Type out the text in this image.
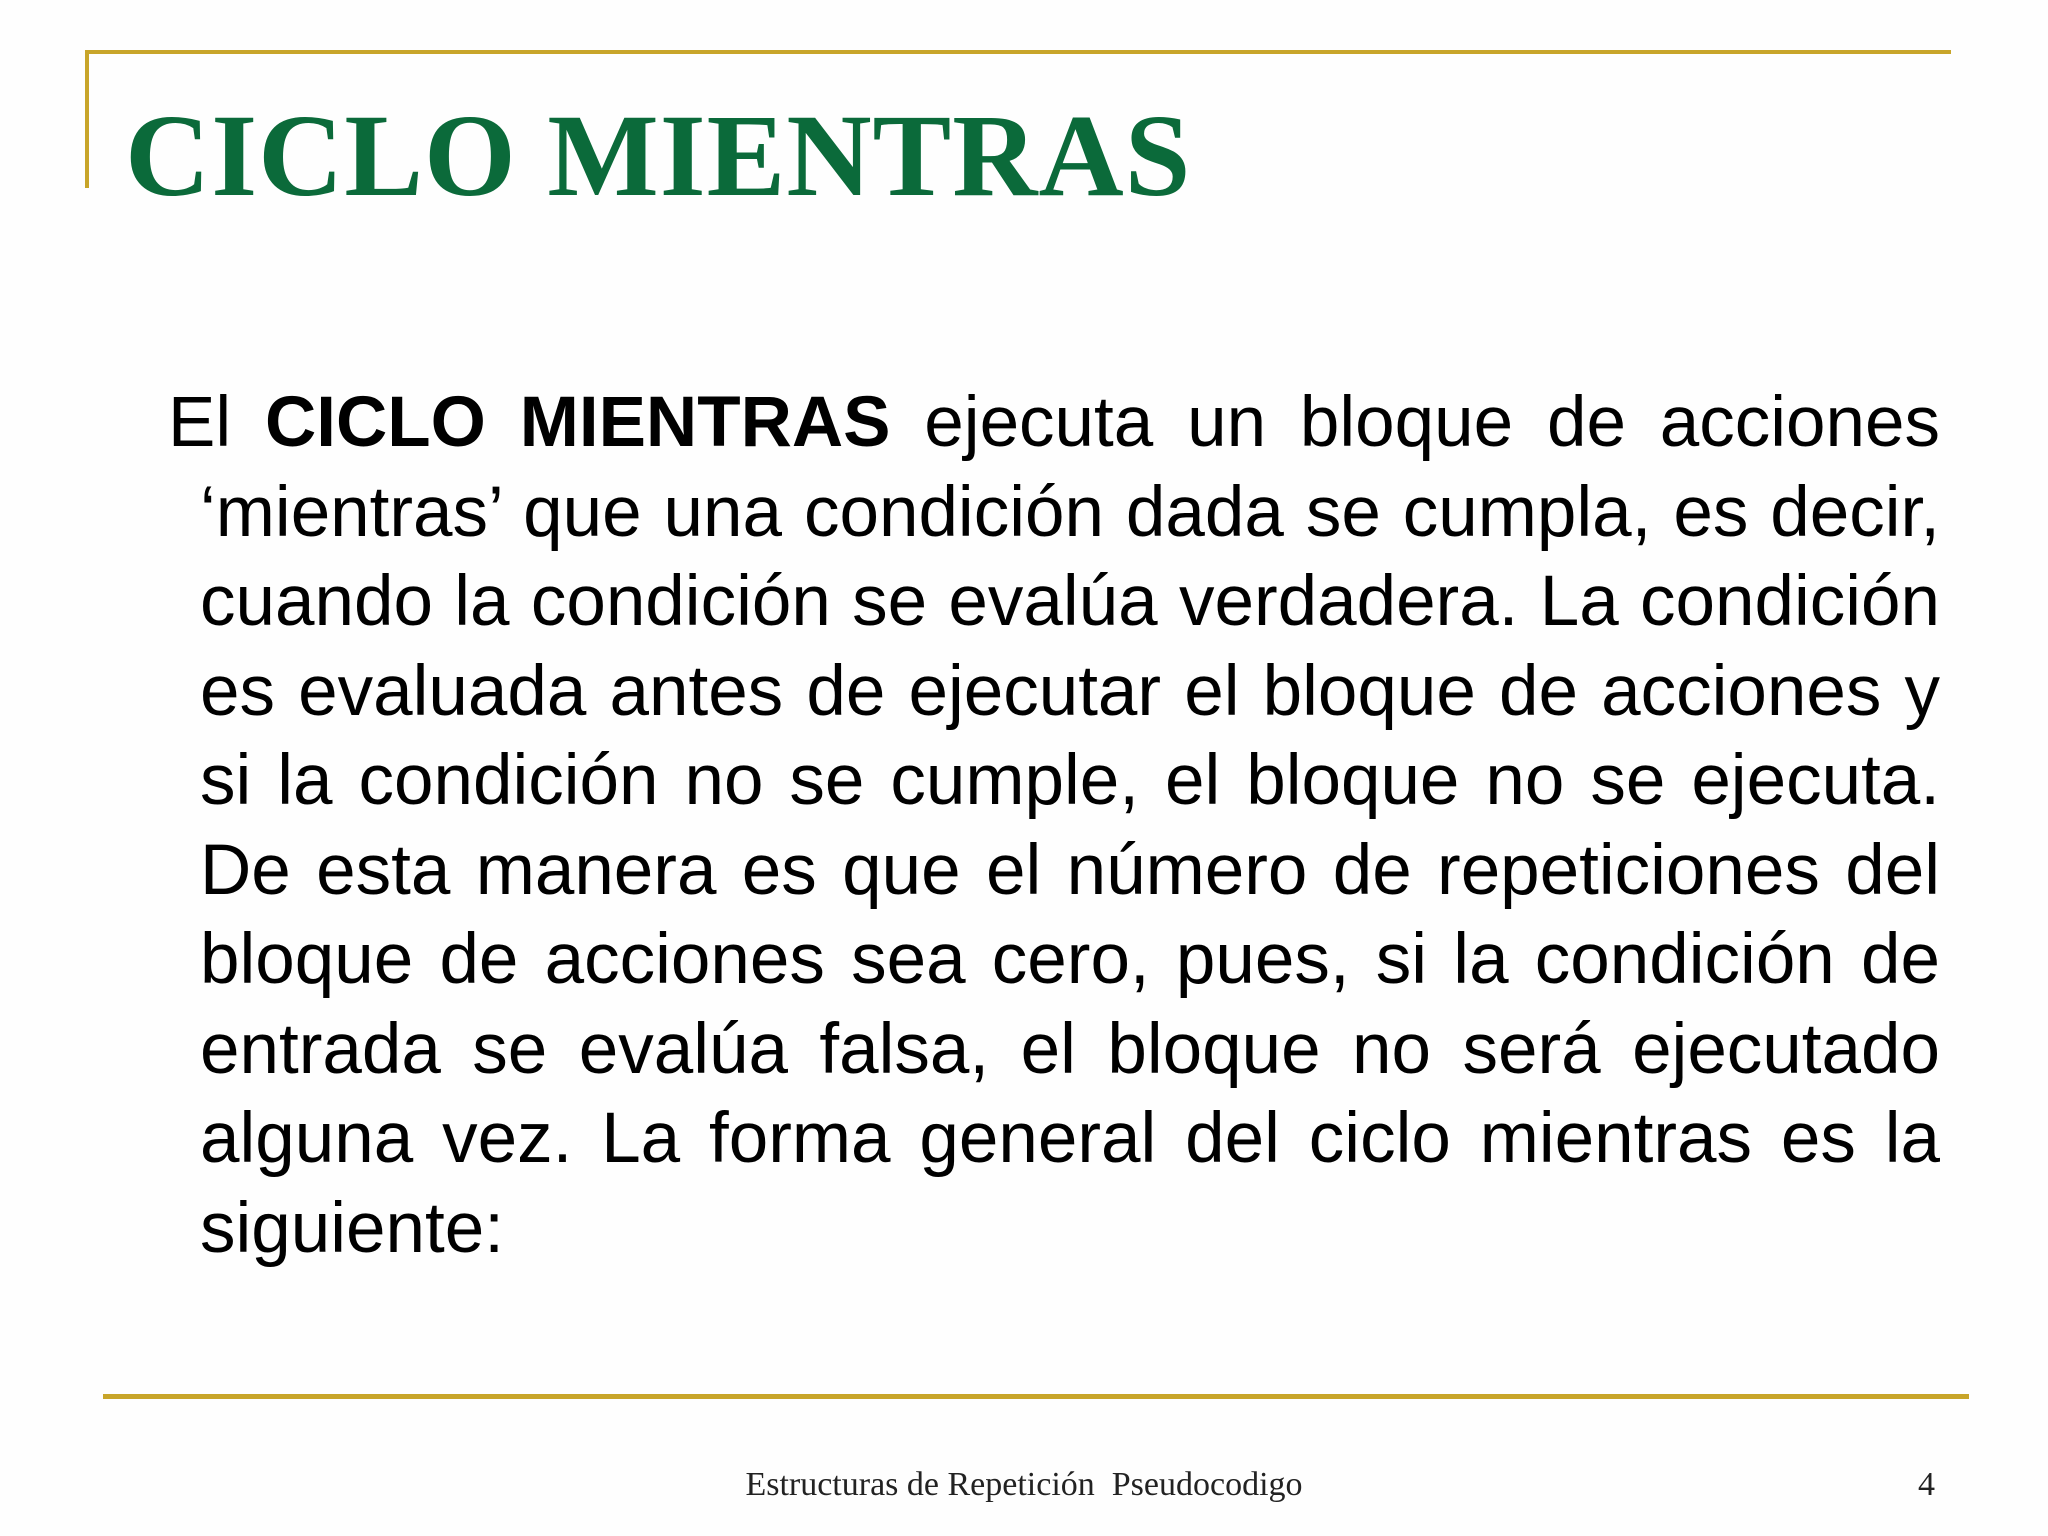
CICLO MIENTRAS

El CICLO MIENTRAS ejecuta un bloque de acciones ‘mientras’ que una condición dada se cumpla, es decir, cuando la condición se evalúa verdadera. La condición es evaluada antes de ejecutar el bloque de acciones y si la condición no se cumple, el bloque no se ejecuta. De esta manera es que el número de repeticiones del bloque de acciones sea cero, pues, si la condición de entrada se evalúa falsa, el bloque no será ejecutado alguna vez. La forma general del ciclo mientras es la siguiente:

Estructuras de Repetición  Pseudocodigo	4
